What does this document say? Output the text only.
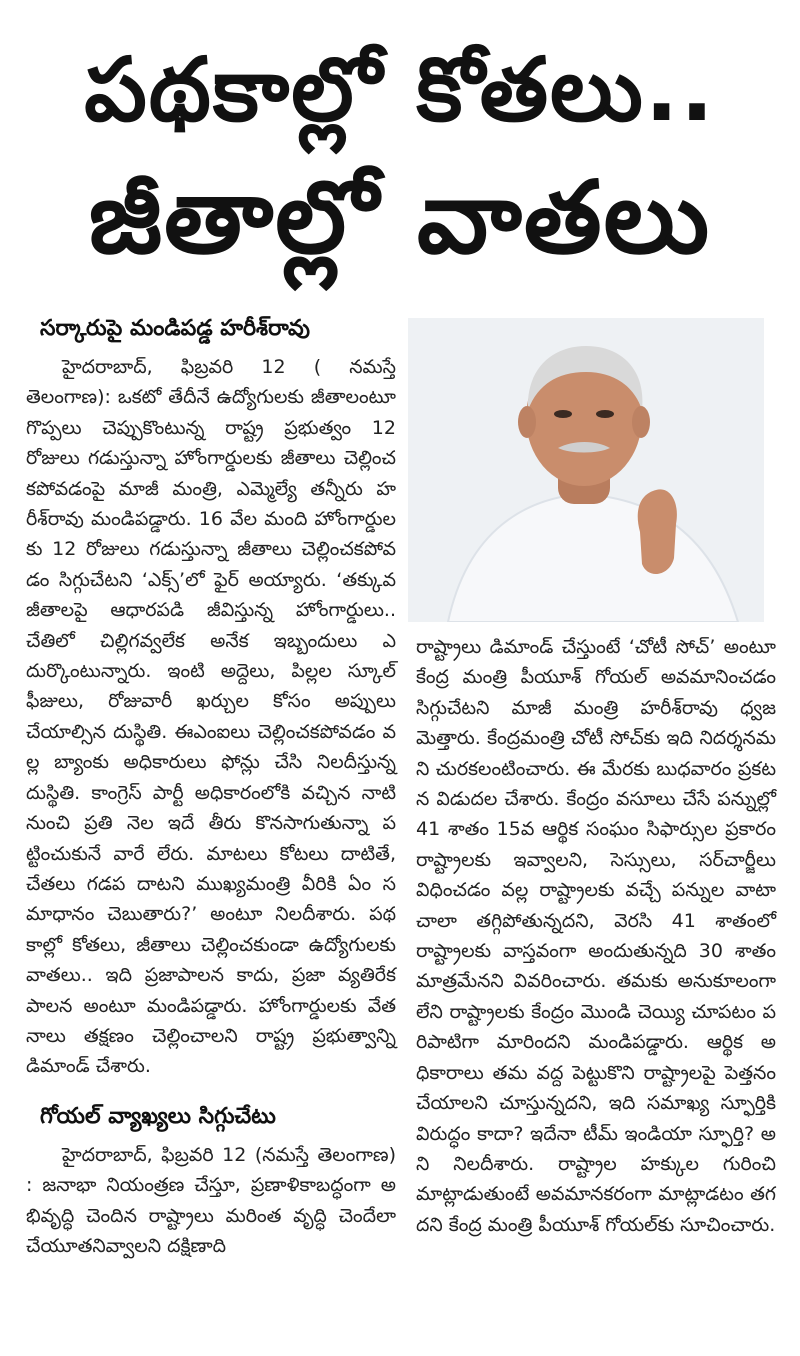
పథకాల్లో కోతలు..
జీతాల్లో వాతలు
సర్కారుపై మండిపడ్డ హరీశ్‌రావు

హైదరాబాద్, ఫిబ్రవరి 12 ( నమస్తే తెలంగాణ): ఒకటో తేదీనే ఉద్యోగులకు జీతాలంటూ గొప్పలు చెప్పుకొంటున్న రాష్ట్ర ప్రభుత్వం 12 రోజులు గడుస్తున్నా హోంగార్డులకు జీతాలు చెల్లించకపోవడంపై మాజీ మంత్రి, ఎమ్మెల్యే తన్నీరు హరీశ్‌రావు మండిపడ్డారు. 16 వేల మంది హోంగార్డులకు 12 రోజులు గడుస్తున్నా జీతాలు చెల్లించకపోవడం సిగ్గుచేటని ‘ఎక్స్’లో ఫైర్ అయ్యారు. ‘తక్కువ జీతాలపై ఆధారపడి జీవిస్తున్న హోంగార్డులు.. చేతిలో చిల్లిగవ్వలేక అనేక ఇబ్బందులు ఎదుర్కొంటున్నారు. ఇంటి అద్దెలు, పిల్లల స్కూల్ ఫీజులు, రోజువారీ ఖర్చుల కోసం అప్పులు చేయాల్సిన దుస్థితి. ఈఎంఐలు చెల్లించకపోవడం వల్ల బ్యాంకు అధికారులు ఫోన్లు చేసి నిలదీస్తున్న దుస్థితి. కాంగ్రెస్ పార్టీ అధికారంలోకి వచ్చిన నాటి నుంచి ప్రతి నెల ఇదే తీరు కొనసాగుతున్నా పట్టించుకునే వారే లేరు. మాటలు కోటలు దాటితే, చేతలు గడప దాటని ముఖ్యమంత్రి వీరికి ఏం సమాధానం చెబుతారు?’ అంటూ నిలదీశారు. పథకాల్లో కోతలు, జీతాలు చెల్లించకుండా ఉద్యోగులకు వాతలు.. ఇది ప్రజాపాలన కాదు, ప్రజా వ్యతిరేక పాలన అంటూ మండిపడ్డారు. హోంగార్డులకు వేతనాలు తక్షణం చెల్లించాలని రాష్ట్ర ప్రభుత్వాన్ని డిమాండ్ చేశారు.

గోయల్ వ్యాఖ్యలు సిగ్గుచేటు

హైదరాబాద్, ఫిబ్రవరి 12 (నమస్తే తెలంగాణ) : జనాభా నియంత్రణ చేస్తూ, ప్రణాళికాబద్ధంగా అభివృద్ధి చెందిన రాష్ట్రాలు మరింత వృద్ధి చెందేలా చేయూతనివ్వాలని దక్షిణాది

రాష్ట్రాలు డిమాండ్ చేస్తుంటే ‘చోటీ సోచ్’ అంటూ కేంద్ర మంత్రి పీయూశ్ గోయల్ అవమానించడం సిగ్గుచేటని మాజీ మంత్రి హరీశ్‌రావు ధ్వజమెత్తారు. కేంద్రమంత్రి చోటీ సోచ్‌కు ఇది నిదర్శనమని చురకలంటించారు. ఈ మేరకు బుధవారం ప్రకటన విడుదల చేశారు. కేంద్రం వసూలు చేసే పన్నుల్లో 41 శాతం 15వ ఆర్థిక సంఘం సిఫార్సుల ప్రకారం రాష్ట్రాలకు ఇవ్వాలని, సెస్సులు, సర్‌చార్జీలు విధించడం వల్ల రాష్ట్రాలకు వచ్చే పన్నుల వాటా చాలా తగ్గిపోతున్నదని, వెరసి 41 శాతంలో రాష్ట్రాలకు వాస్తవంగా అందుతున్నది 30 శాతం మాత్రమేనని వివరించారు. తమకు అనుకూలంగా లేని రాష్ట్రాలకు కేంద్రం మొండి చెయ్యి చూపటం పరిపాటిగా మారిందని మండిపడ్డారు. ఆర్థిక అధికారాలు తమ వద్ద పెట్టుకొని రాష్ట్రాలపై పెత్తనం చేయాలని చూస్తున్నదని, ఇది సమాఖ్య స్ఫూర్తికి విరుద్ధం కాదా? ఇదేనా టీమ్ ఇండియా స్ఫూర్తి? అని నిలదీశారు. రాష్ట్రాల హక్కుల గురించి మాట్లాడుతుంటే అవమానకరంగా మాట్లాడటం తగదని కేంద్ర మంత్రి పీయూశ్ గోయల్‌కు సూచించారు.
